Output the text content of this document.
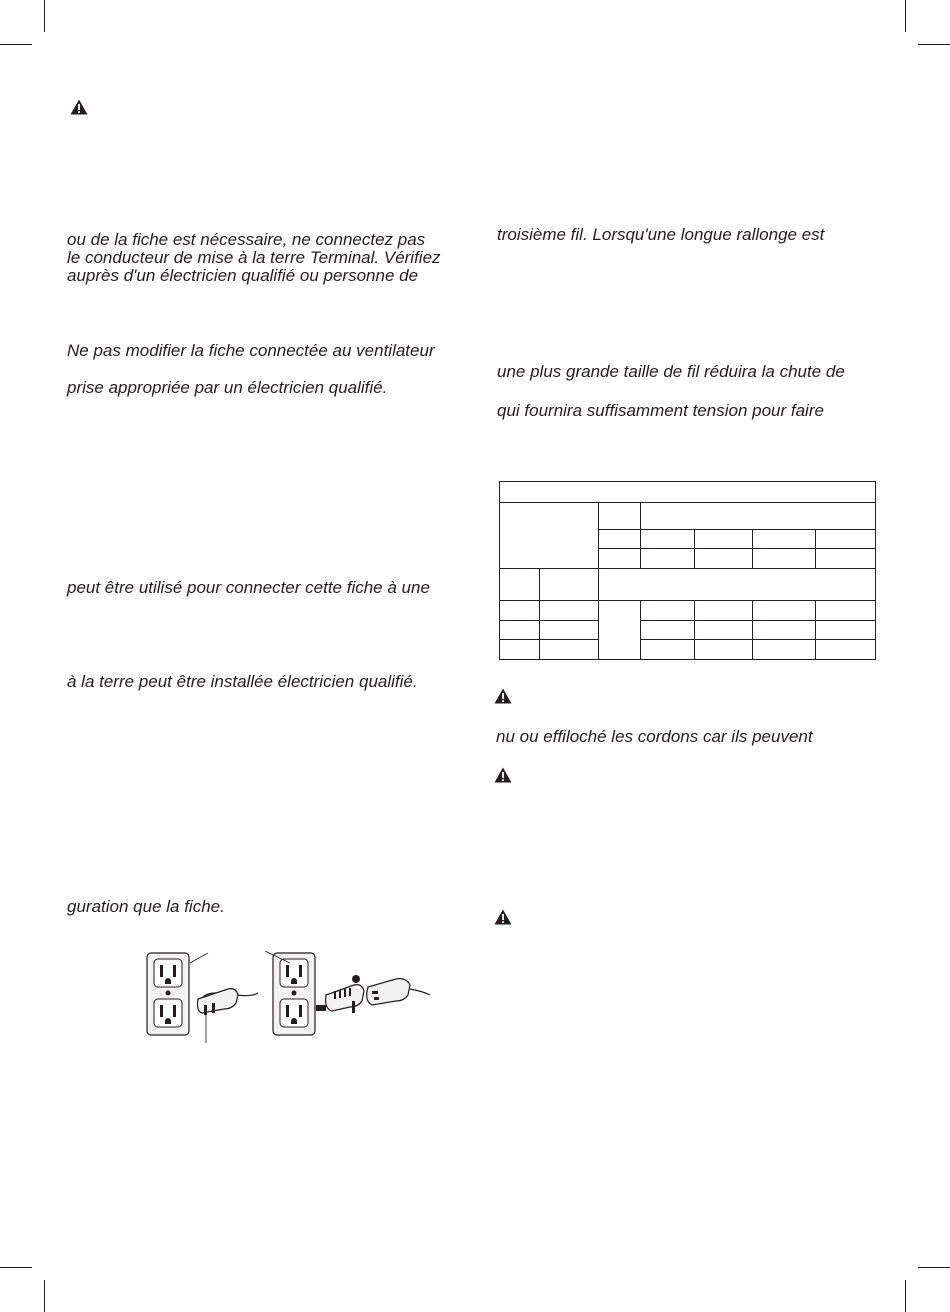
ou de la fiche est nécessaire, ne connectez pas
le conducteur de mise à la terre Terminal. Vérifiez
auprès d'un électricien qualifié ou personne de
Ne pas modifier la fiche connectée au ventilateur
prise appropriée par un électricien qualifié.
peut être utilisé pour connecter cette fiche à une
à la terre peut être installée électricien qualifié.
guration que la fiche.
troisième fil. Lorsqu'une longue rallonge est
une plus grande taille de fil réduira la chute de
qui fournira suffisamment tension pour faire
nu ou effiloché les cordons car ils peuvent
